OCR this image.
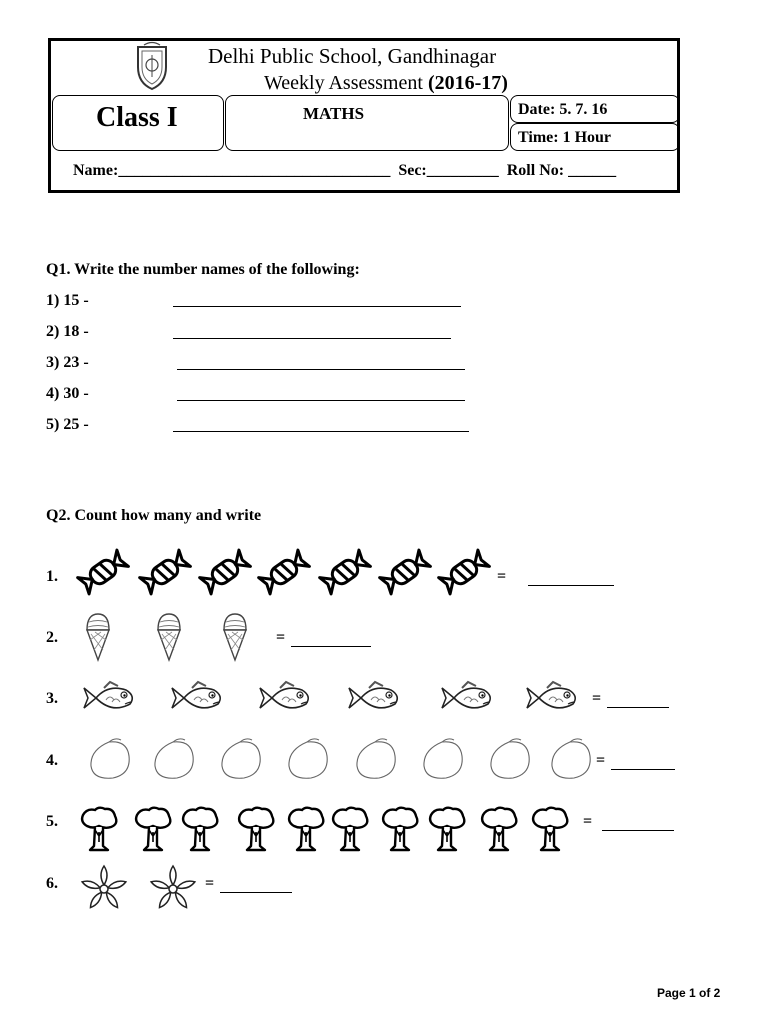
Delhi Public School, Gandhinagar
Weekly Assessment (2016-17)
Class I	MATHS	Date: 5. 7. 16
Time: 1 Hour
Name:__________________________________ Sec:_________ Roll No: ______
Q1. Write the number names of the following:
1) 15 -
2) 18 -
3) 23 -
4) 30 -
5) 25 -
Q2. Count how many and write
1.	=
2.	=
3.	=
4.	=
5.	=
6.	=
Page 1 of 2
